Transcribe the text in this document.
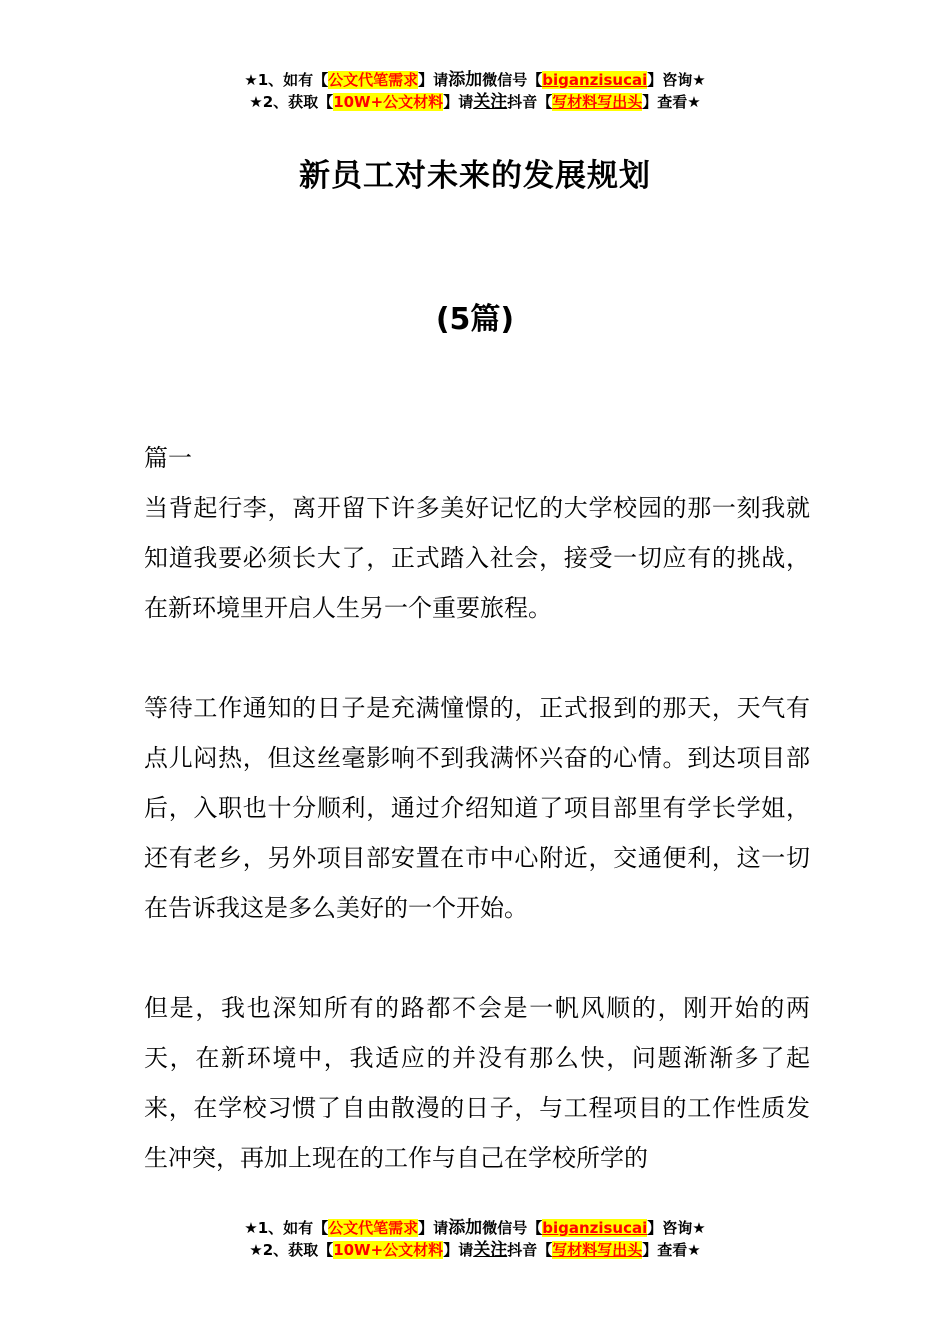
★1、如有【公文代笔需求】请添加微信号【biganzisucai】咨询★
★2、获取【10W+公文材料】请关注抖音【写材料写出头】查看★
新员工对未来的发展规划
(5篇)

篇一

当背起行李，离开留下许多美好记忆的大学校园的那一刻我就知道我要必须长大了，正式踏入社会，接受一切应有的挑战，在新环境里开启人生另一个重要旅程。

等待工作通知的日子是充满憧憬的，正式报到的那天，天气有点儿闷热，但这丝毫影响不到我满怀兴奋的心情。到达项目部后，入职也十分顺利，通过介绍知道了项目部里有学长学姐，还有老乡，另外项目部安置在市中心附近，交通便利，这一切在告诉我这是多么美好的一个开始。

但是，我也深知所有的路都不会是一帆风顺的，刚开始的两天，在新环境中，我适应的并没有那么快，问题渐渐多了起来，在学校习惯了自由散漫的日子，与工程项目的工作性质发生冲突，再加上现在的工作与自己在学校所学的

★1、如有【公文代笔需求】请添加微信号【biganzisucai】咨询★
★2、获取【10W+公文材料】请关注抖音【写材料写出头】查看★
